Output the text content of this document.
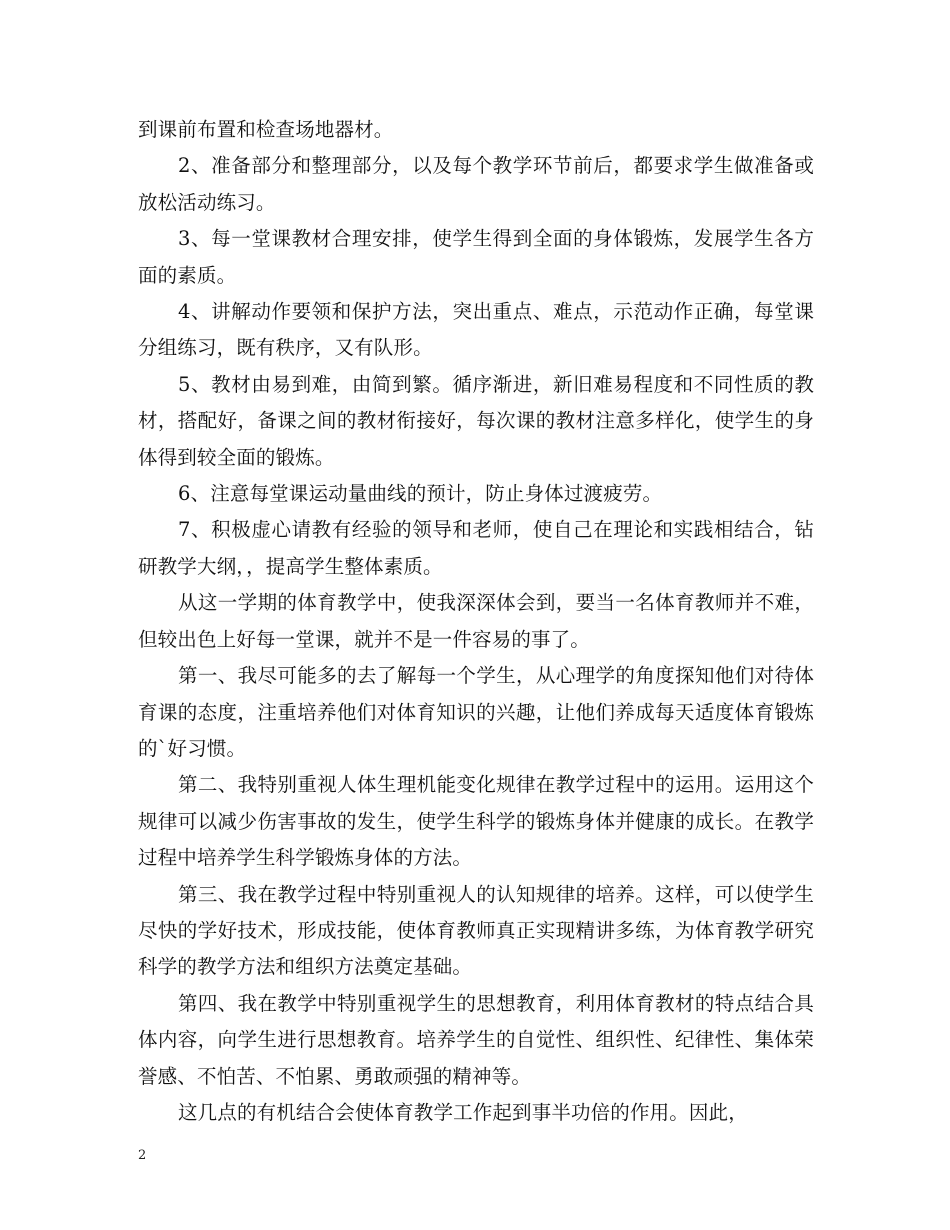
到课前布置和检查场地器材。

2、准备部分和整理部分，以及每个教学环节前后，都要求学生做准备或放松活动练习。

3、每一堂课教材合理安排，使学生得到全面的身体锻炼，发展学生各方面的素质。

4、讲解动作要领和保护方法，突出重点、难点，示范动作正确，每堂课分组练习，既有秩序，又有队形。

5、教材由易到难，由简到繁。循序渐进，新旧难易程度和不同性质的教材，搭配好，备课之间的教材衔接好，每次课的教材注意多样化，使学生的身体得到较全面的锻炼。

6、注意每堂课运动量曲线的预计，防止身体过渡疲劳。

7、积极虚心请教有经验的领导和老师，使自己在理论和实践相结合，钻研教学大纲，，提高学生整体素质。

从这一学期的体育教学中，使我深深体会到，要当一名体育教师并不难，但较出色上好每一堂课，就并不是一件容易的事了。

第一、我尽可能多的去了解每一个学生，从心理学的角度探知他们对待体育课的态度，注重培养他们对体育知识的兴趣，让他们养成每天适度体育锻炼的`好习惯。

第二、我特别重视人体生理机能变化规律在教学过程中的运用。运用这个规律可以减少伤害事故的发生，使学生科学的锻炼身体并健康的成长。在教学过程中培养学生科学锻炼身体的方法。

第三、我在教学过程中特别重视人的认知规律的培养。这样，可以使学生尽快的学好技术，形成技能，使体育教师真正实现精讲多练，为体育教学研究科学的教学方法和组织方法奠定基础。

第四、我在教学中特别重视学生的思想教育，利用体育教材的特点结合具体内容，向学生进行思想教育。培养学生的自觉性、组织性、纪律性、集体荣誉感、不怕苦、不怕累、勇敢顽强的精神等。

这几点的有机结合会使体育教学工作起到事半功倍的作用。因此，

2
